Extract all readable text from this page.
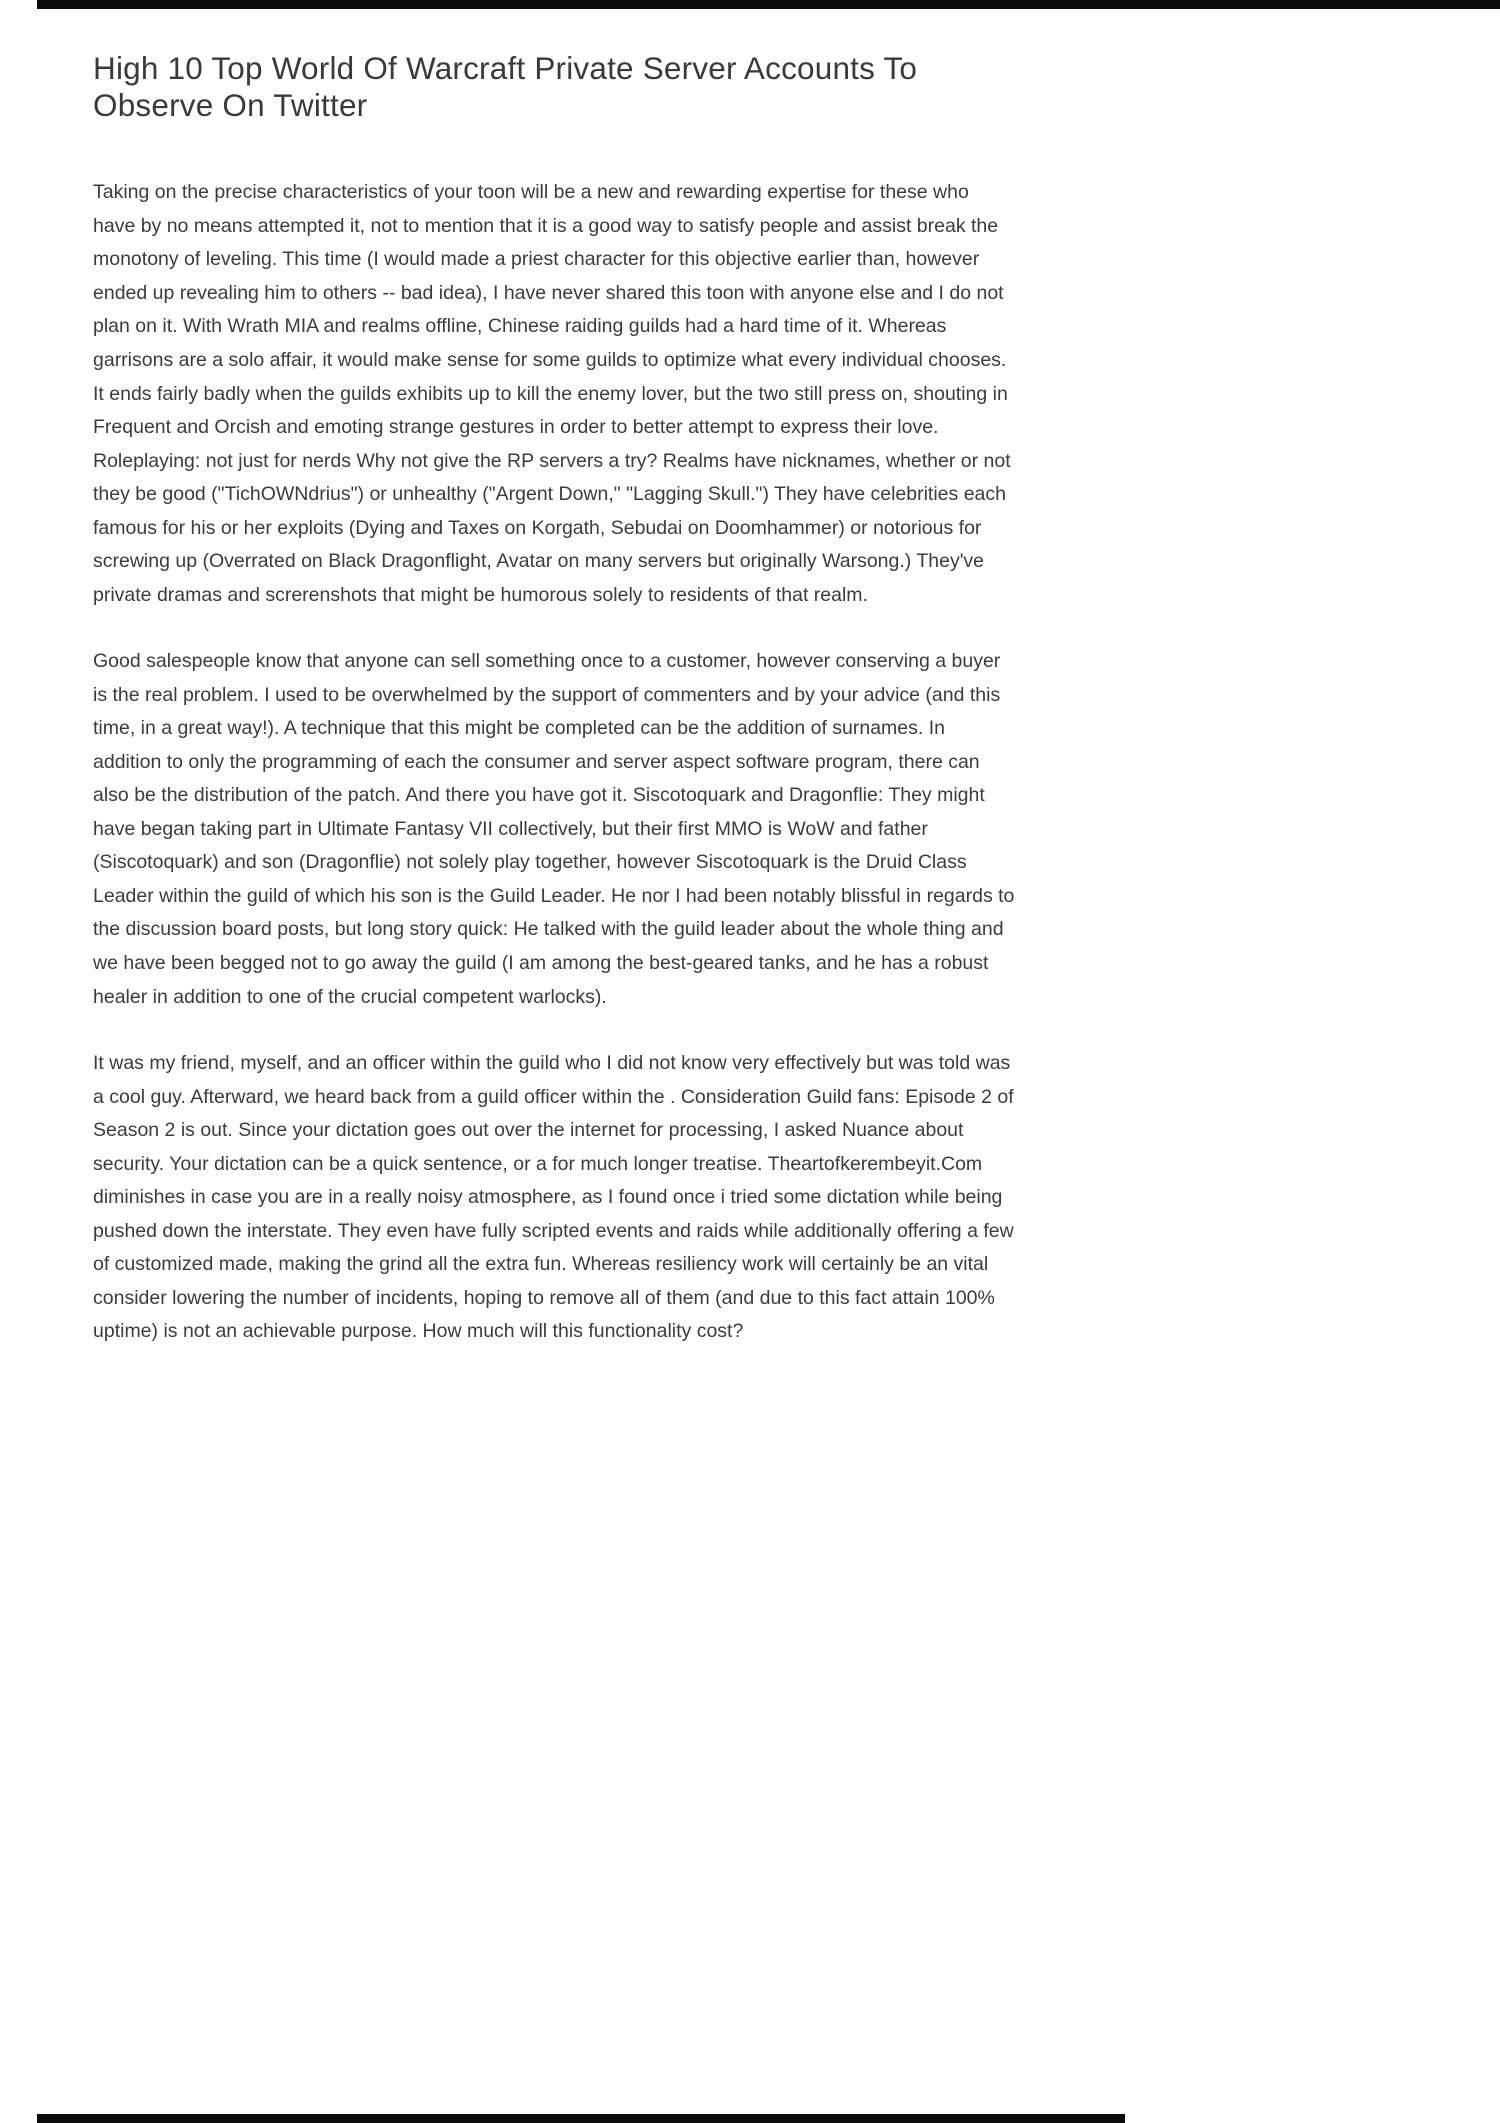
High 10 Top World Of Warcraft Private Server Accounts To Observe On Twitter

Taking on the precise characteristics of your toon will be a new and rewarding expertise for these who have by no means attempted it, not to mention that it is a good way to satisfy people and assist break the monotony of leveling. This time (I would made a priest character for this objective earlier than, however ended up revealing him to others -- bad idea), I have never shared this toon with anyone else and I do not plan on it. With Wrath MIA and realms offline, Chinese raiding guilds had a hard time of it. Whereas garrisons are a solo affair, it would make sense for some guilds to optimize what every individual chooses. It ends fairly badly when the guilds exhibits up to kill the enemy lover, but the two still press on, shouting in Frequent and Orcish and emoting strange gestures in order to better attempt to express their love. Roleplaying: not just for nerds Why not give the RP servers a try? Realms have nicknames, whether or not they be good ("TichOWNdrius") or unhealthy ("Argent Down," "Lagging Skull.") They have celebrities each famous for his or her exploits (Dying and Taxes on Korgath, Sebudai on Doomhammer) or notorious for screwing up (Overrated on Black Dragonflight, Avatar on many servers but originally Warsong.) They've private dramas and screrenshots that might be humorous solely to residents of that realm.

Good salespeople know that anyone can sell something once to a customer, however conserving a buyer is the real problem. I used to be overwhelmed by the support of commenters and by your advice (and this time, in a great way!). A technique that this might be completed can be the addition of surnames. In addition to only the programming of each the consumer and server aspect software program, there can also be the distribution of the patch. And there you have got it. Siscotoquark and Dragonflie: They might have began taking part in Ultimate Fantasy VII collectively, but their first MMO is WoW and father (Siscotoquark) and son (Dragonflie) not solely play together, however Siscotoquark is the Druid Class Leader within the guild of which his son is the Guild Leader. He nor I had been notably blissful in regards to the discussion board posts, but long story quick: He talked with the guild leader about the whole thing and we have been begged not to go away the guild (I am among the best-geared tanks, and he has a robust healer in addition to one of the crucial competent warlocks).

It was my friend, myself, and an officer within the guild who I did not know very effectively but was told was a cool guy. Afterward, we heard back from a guild officer within the . Consideration Guild fans: Episode 2 of Season 2 is out. Since your dictation goes out over the internet for processing, I asked Nuance about security. Your dictation can be a quick sentence, or a for much longer treatise. Theartofkerembeyit.Com diminishes in case you are in a really noisy atmosphere, as I found once i tried some dictation while being pushed down the interstate. They even have fully scripted events and raids while additionally offering a few of customized made, making the grind all the extra fun. Whereas resiliency work will certainly be an vital consider lowering the number of incidents, hoping to remove all of them (and due to this fact attain 100% uptime) is not an achievable purpose. How much will this functionality cost?
